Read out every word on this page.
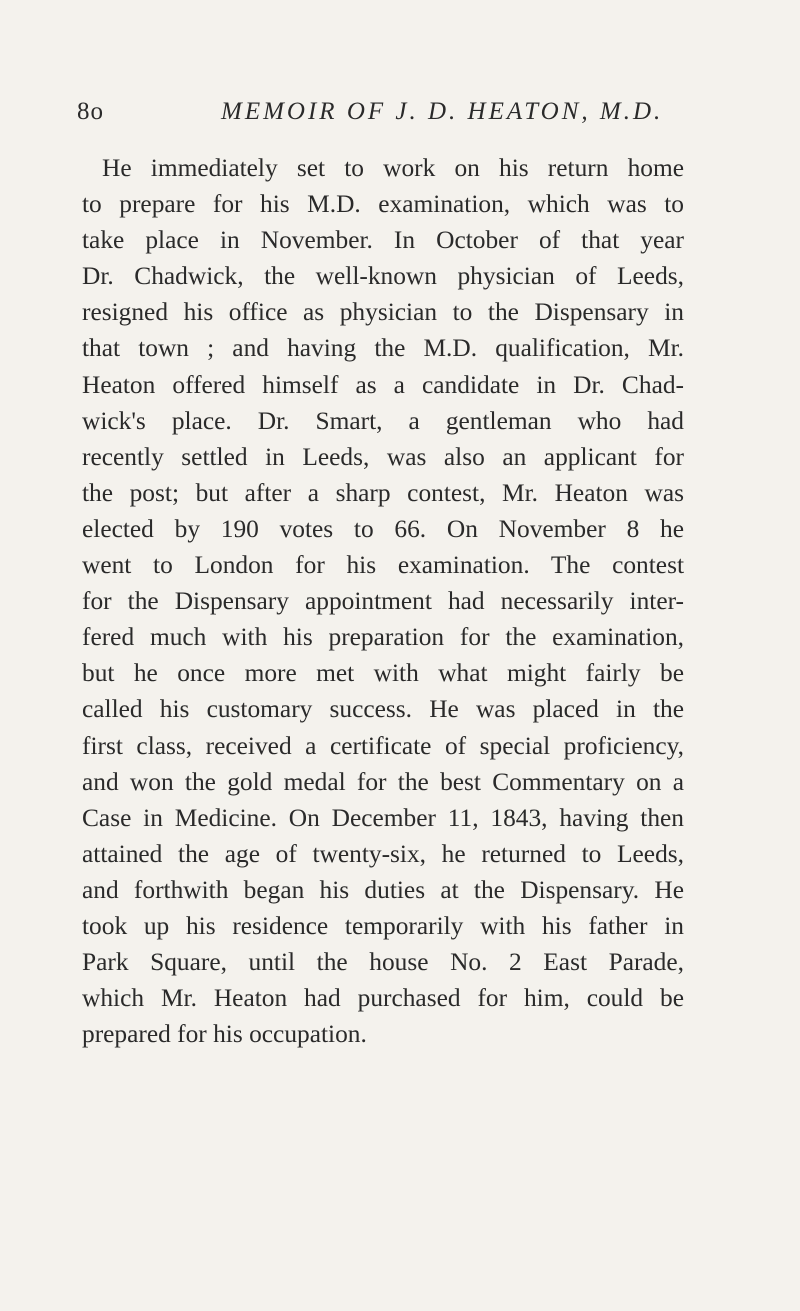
8o	MEMOIR OF J. D. HEATON, M.D.
He immediately set to work on his return home
to prepare for his M.D. examination, which was to
take place in November. In October of that year
Dr. Chadwick, the well-known physician of Leeds,
resigned his office as physician to the Dispensary in
that town ; and having the M.D. qualification, Mr.
Heaton offered himself as a candidate in Dr. Chad-
wick's place. Dr. Smart, a gentleman who had
recently settled in Leeds, was also an applicant for
the post; but after a sharp contest, Mr. Heaton was
elected by 190 votes to 66. On November 8 he
went to London for his examination. The contest
for the Dispensary appointment had necessarily inter-
fered much with his preparation for the examination,
but he once more met with what might fairly be
called his customary success. He was placed in the
first class, received a certificate of special proficiency,
and won the gold medal for the best Commentary on a
Case in Medicine. On December 11, 1843, having then
attained the age of twenty-six, he returned to Leeds,
and forthwith began his duties at the Dispensary. He
took up his residence temporarily with his father in
Park Square, until the house No. 2 East Parade,
which Mr. Heaton had purchased for him, could be
prepared for his occupation.
